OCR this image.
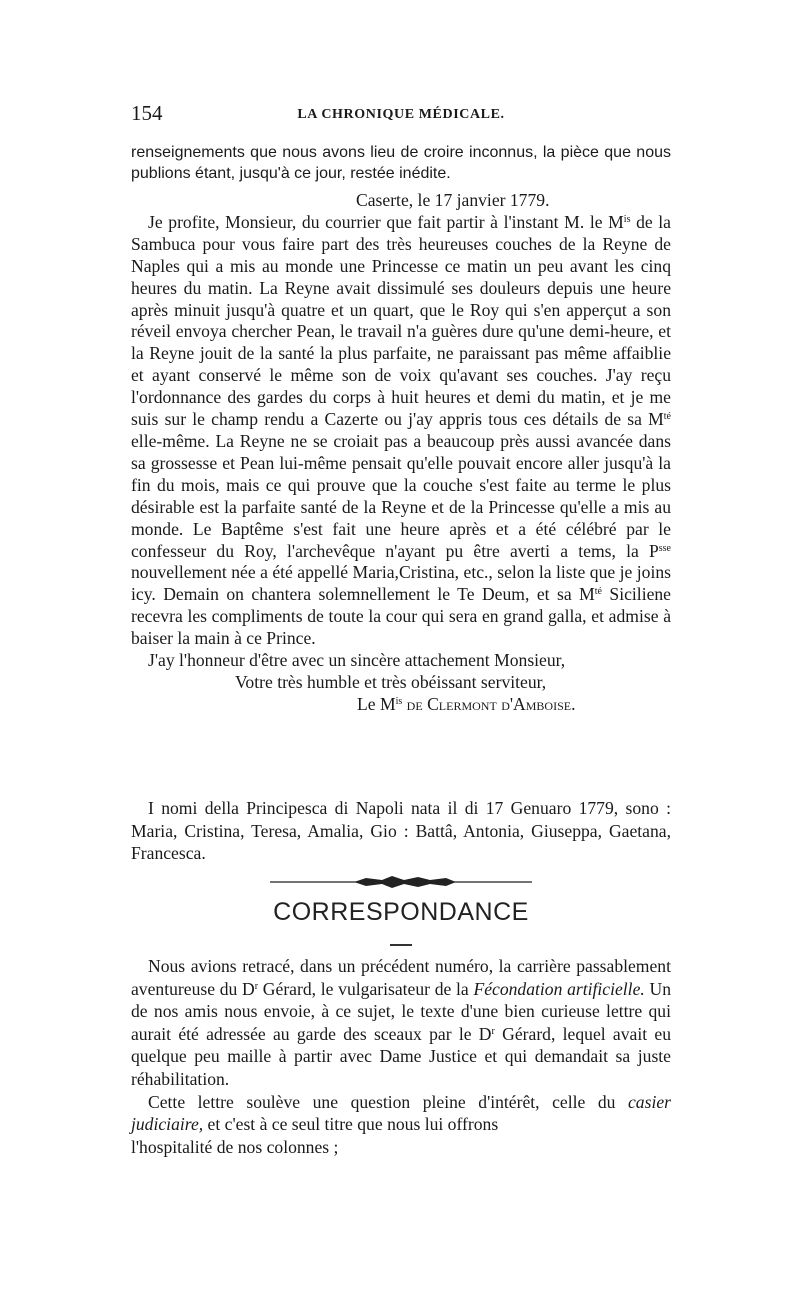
154	LA CHRONIQUE MÉDICALE.
renseignements que nous avons lieu de croire inconnus, la pièce que nous publions étant, jusqu'à ce jour, restée inédite.

Caserte, le 17 janvier 1779.

Je profite, Monsieur, du courrier que fait partir à l'instant M. le $M^{is}$ de la Sambuca pour vous faire part des très heureuses couches de la Reyne de Naples qui a mis au monde une Princesse ce matin un peu avant les cinq heures du matin. La Reyne avait dissimulé ses douleurs depuis une heure après minuit jusqu'à quatre et un quart, que le Roy qui s'en apperçut a son réveil envoya chercher Pean, le travail n'a guères dure qu'une demi-heure, et la Reyne jouit de la santé la plus parfaite, ne paraissant pas même affaiblie et ayant conservé le même son de voix qu'avant ses couches. J'ay reçu l'ordonnance des gardes du corps à huit heures et demi du matin, et je me suis sur le champ rendu a Cazerte ou j'ay appris tous ces détails de sa $M^{té}$ elle-même. La Reyne ne se croiait pas a beaucoup près aussi avancée dans sa grossesse et Pean lui-même pensait qu'elle pouvait encore aller jusqu'à la fin du mois, mais ce qui prouve que la couche s'est faite au terme le plus désirable est la parfaite santé de la Reyne et de la Princesse qu'elle a mis au monde. Le Baptême s'est fait une heure après et a été célébré par le confesseur du Roy, l'archevêque n'ayant pu être averti a tems, la $P^{sse}$ nouvellement née a été appellé Maria,Cristina, etc., selon la liste que je joins icy. Demain on chantera solemnellement le Te Deum, et sa $M^{té}$ Siciliene recevra les compliments de toute la cour qui sera en grand galla, et admise à baiser la main à ce Prince.

J'ay l'honneur d'être avec un sincère attachement Monsieur,

Votre très humble et très obéissant serviteur,

Le $M^{is}$ de Clermont d'Amboise.

I nomi della Principesca di Napoli nata il di 17 Genuaro 1779, sono : Maria, Cristina, Teresa, Amalia, Gio : Battâ, Antonia, Giuseppa, Gaetana, Francesca.

CORRESPONDANCE

Nous avions retracé, dans un précédent numéro, la carrière passablement aventureuse du $D^r$ Gérard, le vulgarisateur de la Fécondation artificielle. Un de nos amis nous envoie, à ce sujet, le texte d'une bien curieuse lettre qui aurait été adressée au garde des sceaux par le $D^r$ Gérard, lequel avait eu quelque peu maille à partir avec Dame Justice et qui demandait sa juste réhabilitation.

Cette lettre soulève une question pleine d'intérêt, celle du casier judiciaire, et c'est à ce seul titre que nous lui offrons

l'hospitalité de nos colonnes ;
